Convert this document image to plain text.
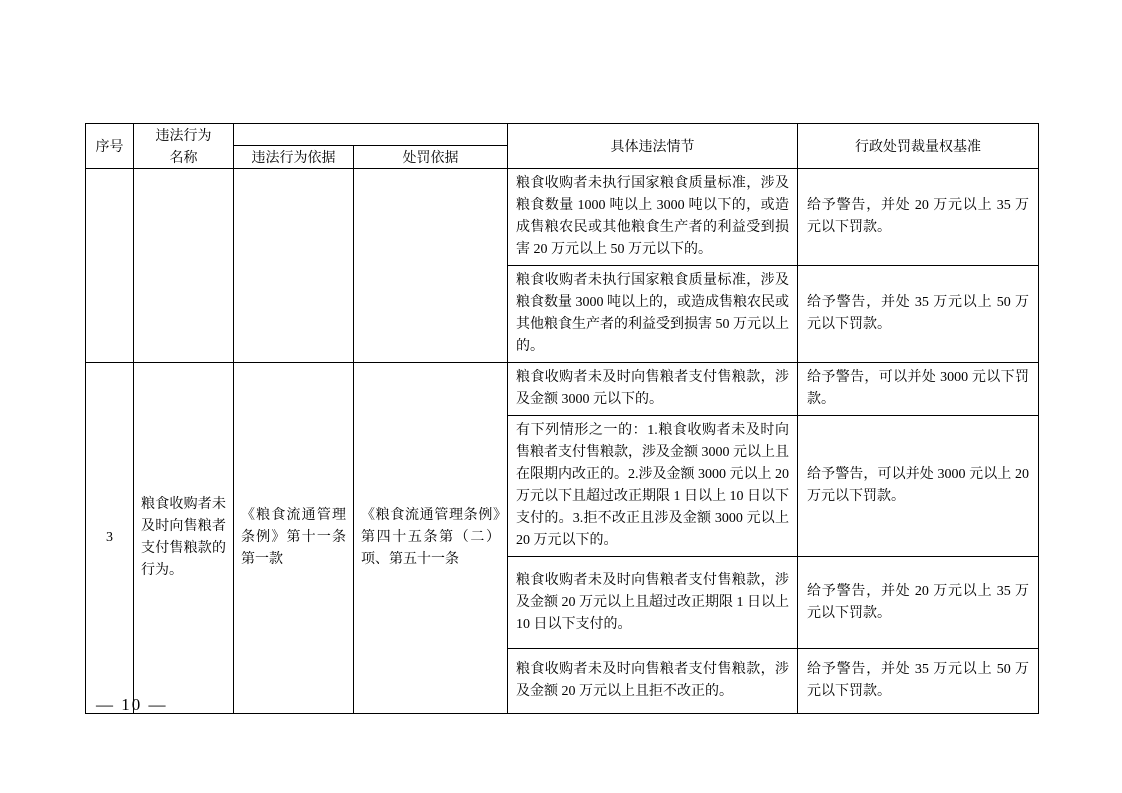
序号	违法行为名称			具体违法情节	行政处罚裁量权基准
		违法行为依据	处罚依据		
				粮食收购者未执行国家粮食质量标准，涉及粮食数量 1000 吨以上 3000 吨以下的，或造成售粮农民或其他粮食生产者的利益受到损害 20 万元以上 50 万元以下的。	给予警告，并处 20 万元以上 35 万元以下罚款。
				粮食收购者未执行国家粮食质量标准，涉及粮食数量 3000 吨以上的，或造成售粮农民或其他粮食生产者的利益受到损害 50 万元以上的。	给予警告，并处 35 万元以上 50 万元以下罚款。
3	粮食收购者未及时向售粮者支付售粮款的行为。	《粮食流通管理条例》第十一条第一款	《粮食流通管理条例》第四十五条第（二）项、第五十一条	粮食收购者未及时向售粮者支付售粮款，涉及金额 3000 元以下的。	给予警告，可以并处 3000 元以下罚款。
				有下列情形之一的：1.粮食收购者未及时向售粮者支付售粮款，涉及金额 3000 元以上且在限期内改正的。2.涉及金额 3000 元以上 20 万元以下且超过改正期限 1 日以上 10 日以下支付的。3.拒不改正且涉及金额 3000 元以上 20 万元以下的。	给予警告，可以并处 3000 元以上 20 万元以下罚款。
				粮食收购者未及时向售粮者支付售粮款，涉及金额 20 万元以上且超过改正期限 1 日以上 10 日以下支付的。	给予警告，并处 20 万元以上 35 万元以下罚款。
				粮食收购者未及时向售粮者支付售粮款，涉及金额 20 万元以上且拒不改正的。	给予警告，并处 35 万元以上 50 万元以下罚款。
— 10 —
